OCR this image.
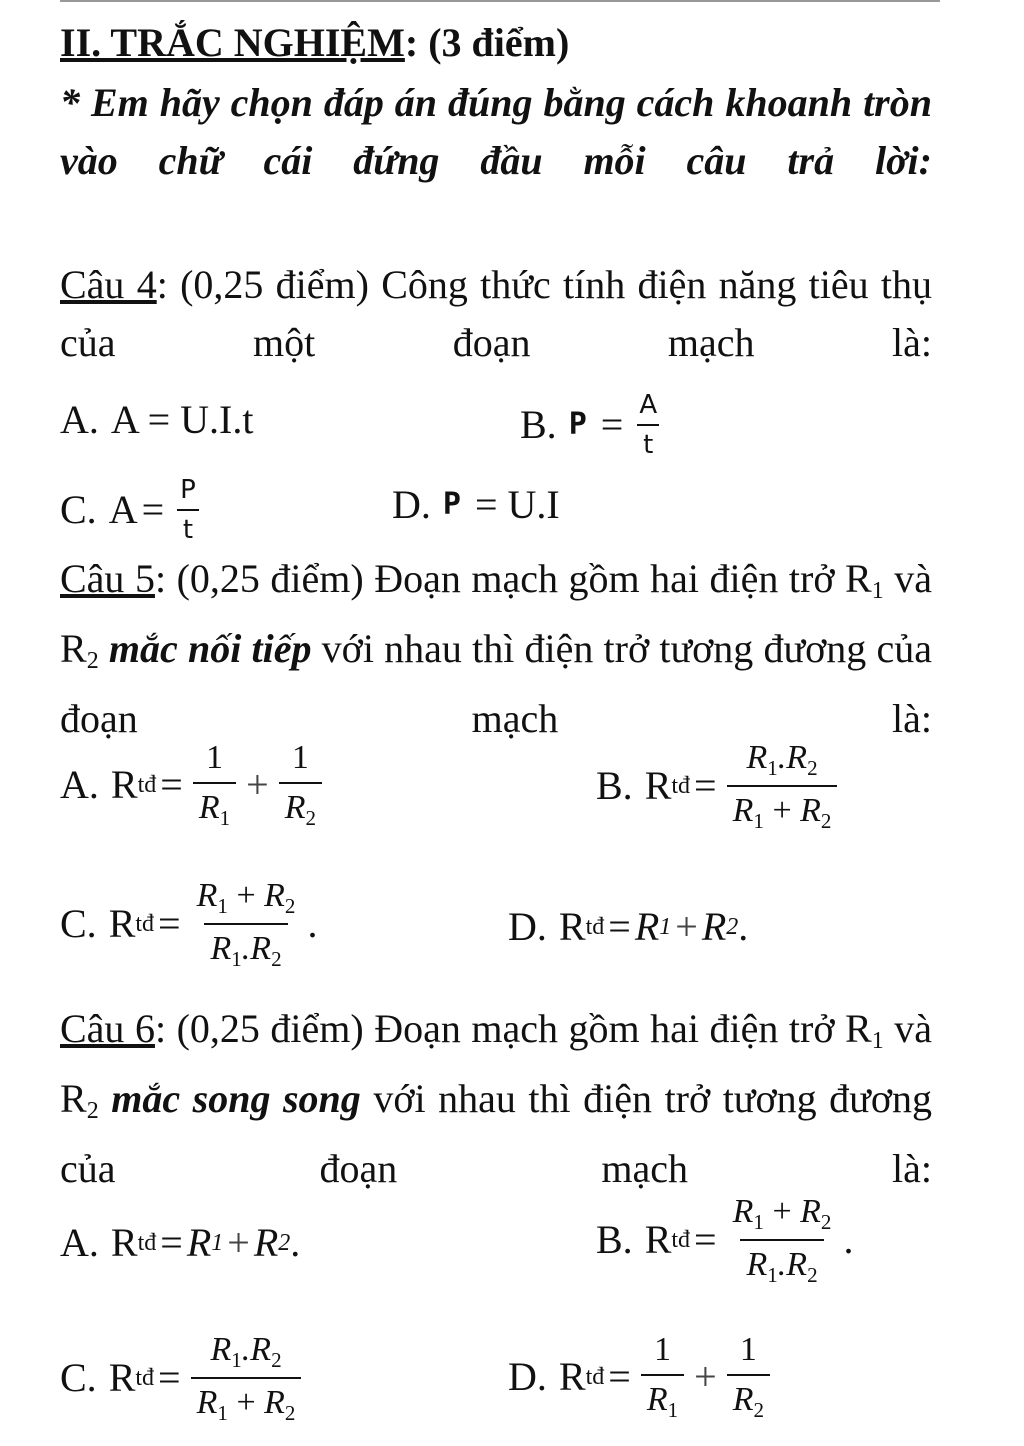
II. TRẮC NGHIỆM: (3 điểm)
* Em hãy chọn đáp án đúng bằng cách khoanh tròn vào chữ cái đứng đầu mỗi câu trả lời:
Câu 4: (0,25 điểm) Công thức tính điện năng tiêu thụ của một đoạn mạch là:
A. A = U.I.t	B. $P = \frac{A}{t}$
C. $A = \frac{P}{t}$	D. P = U.I
Câu 5: (0,25 điểm) Đoạn mạch gồm hai điện trở $R_1$ và $R_2$ mắc nối tiếp với nhau thì điện trở tương đương của đoạn mạch là:
A. R tđ = $\frac{1}{R_1} + \frac{1}{R_2}$	B. R tđ = $\frac{R_1.R_2}{R_1 + R_2}$
C. R tđ = $\frac{R_1 + R_2}{R_1.R_2}$ .	D. R tđ = R 1 + R 2 .
Câu 6: (0,25 điểm) Đoạn mạch gồm hai điện trở $R_1$ và $R_2$ mắc song song với nhau thì điện trở tương đương của đoạn mạch là:
A. R tđ = R 1 + R 2 .	B. R tđ = $\frac{R_1 + R_2}{R_1.R_2}$ .
C. R tđ = $\frac{R_1.R_2}{R_1 + R_2}$	D. R tđ = $\frac{1}{R_1} + \frac{1}{R_2}$
